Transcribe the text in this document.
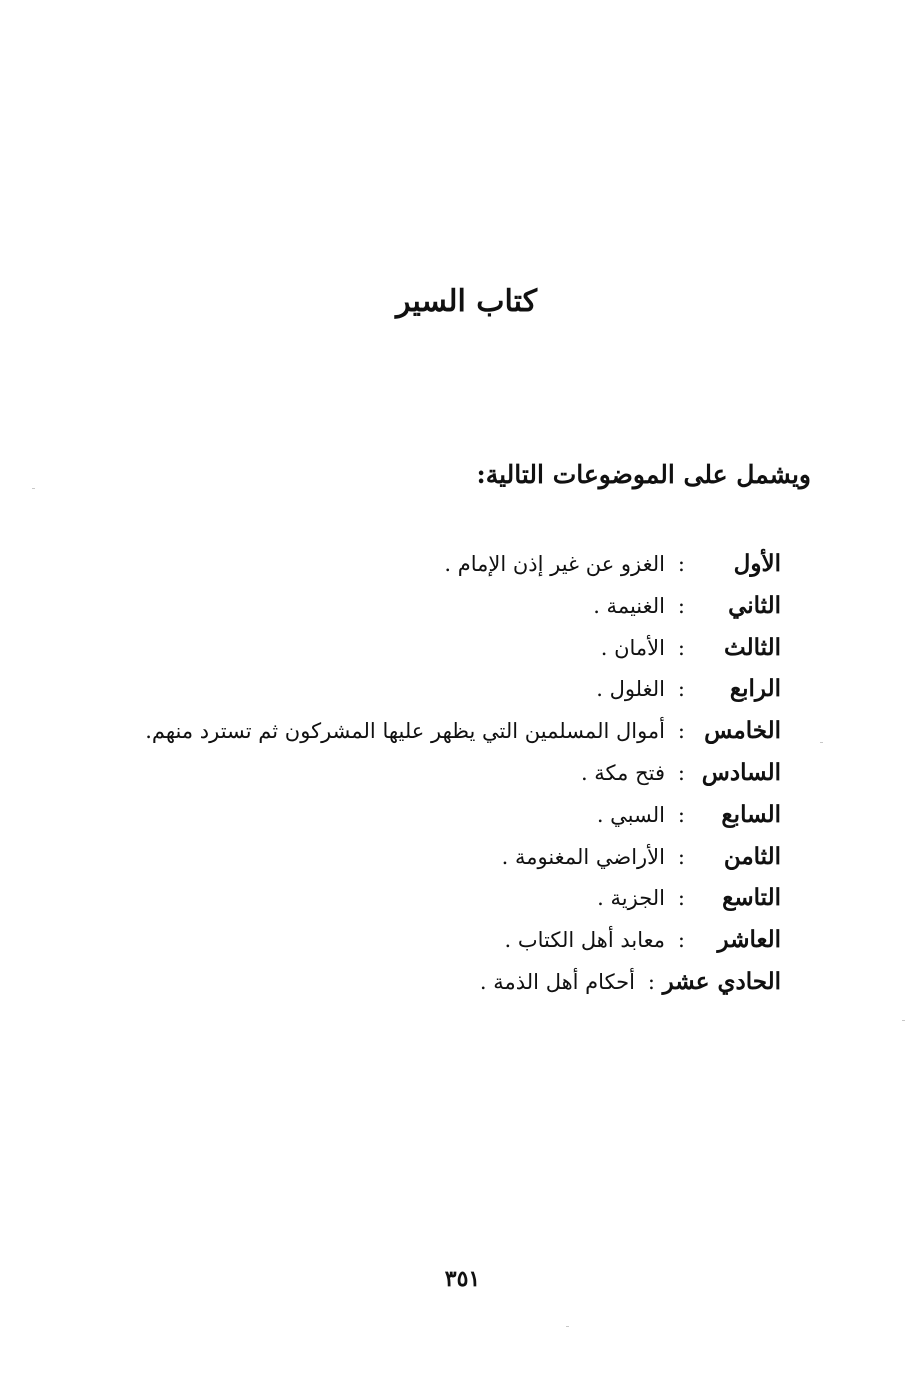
كتاب السير
ويشمل على الموضوعات التالية:
الأول
:
الغزو عن غير إذن الإمام .
الثاني
:
الغنيمة .
الثالث
:
الأمان .
الرابع
:
الغلول .
الخامس
:
أموال المسلمين التي يظهر عليها المشركون ثم تسترد منهم.
السادس
:
فتح مكة .
السابع
:
السبي .
الثامن
:
الأراضي المغنومة .
التاسع
:
الجزية .
العاشر
:
معابد أهل الكتاب .
الحادي عشر
:
أحكام أهل الذمة .
٣٥١
